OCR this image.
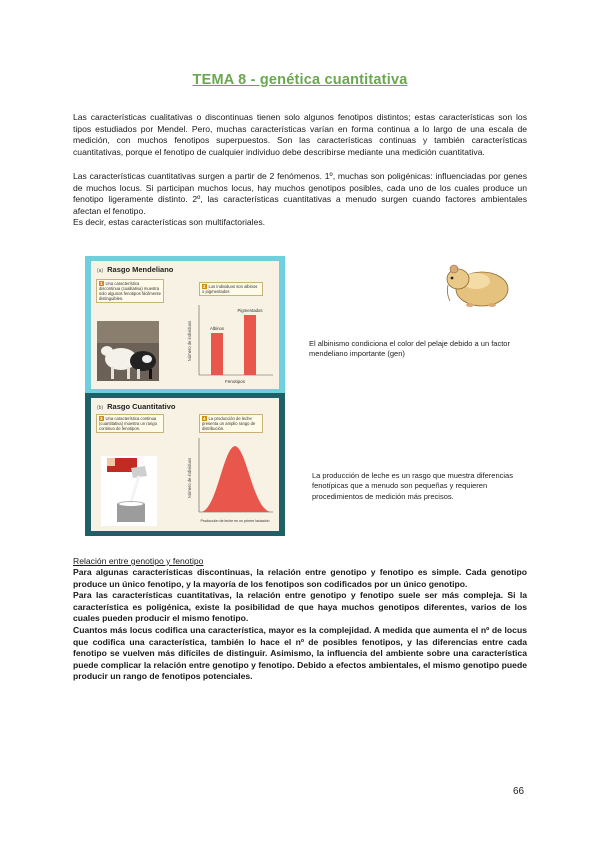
TEMA 8 - genética cuantitativa
Las características cualitativas o discontinuas tienen solo algunos fenotipos distintos; estas características son los tipos estudiados por Mendel. Pero, muchas características varían en forma continua a lo largo de una escala de medición, con muchos fenotipos superpuestos. Son las características continuas y también características cuantitativas, porque el fenotipo de cualquier individuo debe describirse mediante una medición cuantitativa.
Las características cuantitativas surgen a partir de 2 fenómenos. 1º, muchas son poligénicas: influenciadas por genes de muchos locus. Si participan muchos locus, hay muchos genotipos posibles, cada uno de los cuales produce un fenotipo ligeramente distinto. 2º, las características cuantitativas a menudo surgen cuando factores ambientales afectan el fenotipo.
Es decir, estas características son multifactoriales.
(a) Rasgo Mendeliano
1 Una característica discontinua (cualitativa) muestra solo algunos fenotipos fácilmente distinguibles.
2 Los individuos son albinos o pigmentados
Número de individuos	Albinos
Pigmentados
Fenotipos
(b) Rasgo Cuantitativo
3 Una característica continua (cuantitativa) muestra un rango continuo de fenotipos.
4 La producción de leche presenta un amplio rango de distribución.
Número de individuos
Producción de leche en un primer lactación
El albinismo condiciona el color del pelaje debido a un factor mendeliano importante (gen)
La producción de leche es un rasgo que muestra diferencias fenotípicas que a menudo son pequeñas y requieren procedimientos de medición más precisos.
Relación entre genotipo y fenotipo
Para algunas características discontinuas, la relación entre genotipo y fenotipo es simple. Cada genotipo produce un único fenotipo, y la mayoría de los fenotipos son codificados por un único genotipo.
Para las características cuantitativas, la relación entre genotipo y fenotipo suele ser más compleja. Si la característica es poligénica, existe la posibilidad de que haya muchos genotipos diferentes, varios de los cuales pueden producir el mismo fenotipo.
Cuantos más locus codifica una característica, mayor es la complejidad. A medida que aumenta el nº de locus que codifica una característica, también lo hace el nº de posibles fenotipos, y las diferencias entre cada fenotipo se vuelven más difíciles de distinguir. Asimismo, la influencia del ambiente sobre una característica puede complicar la relación entre genotipo y fenotipo. Debido a efectos ambientales, el mismo genotipo puede producir un rango de fenotipos potenciales.
66
